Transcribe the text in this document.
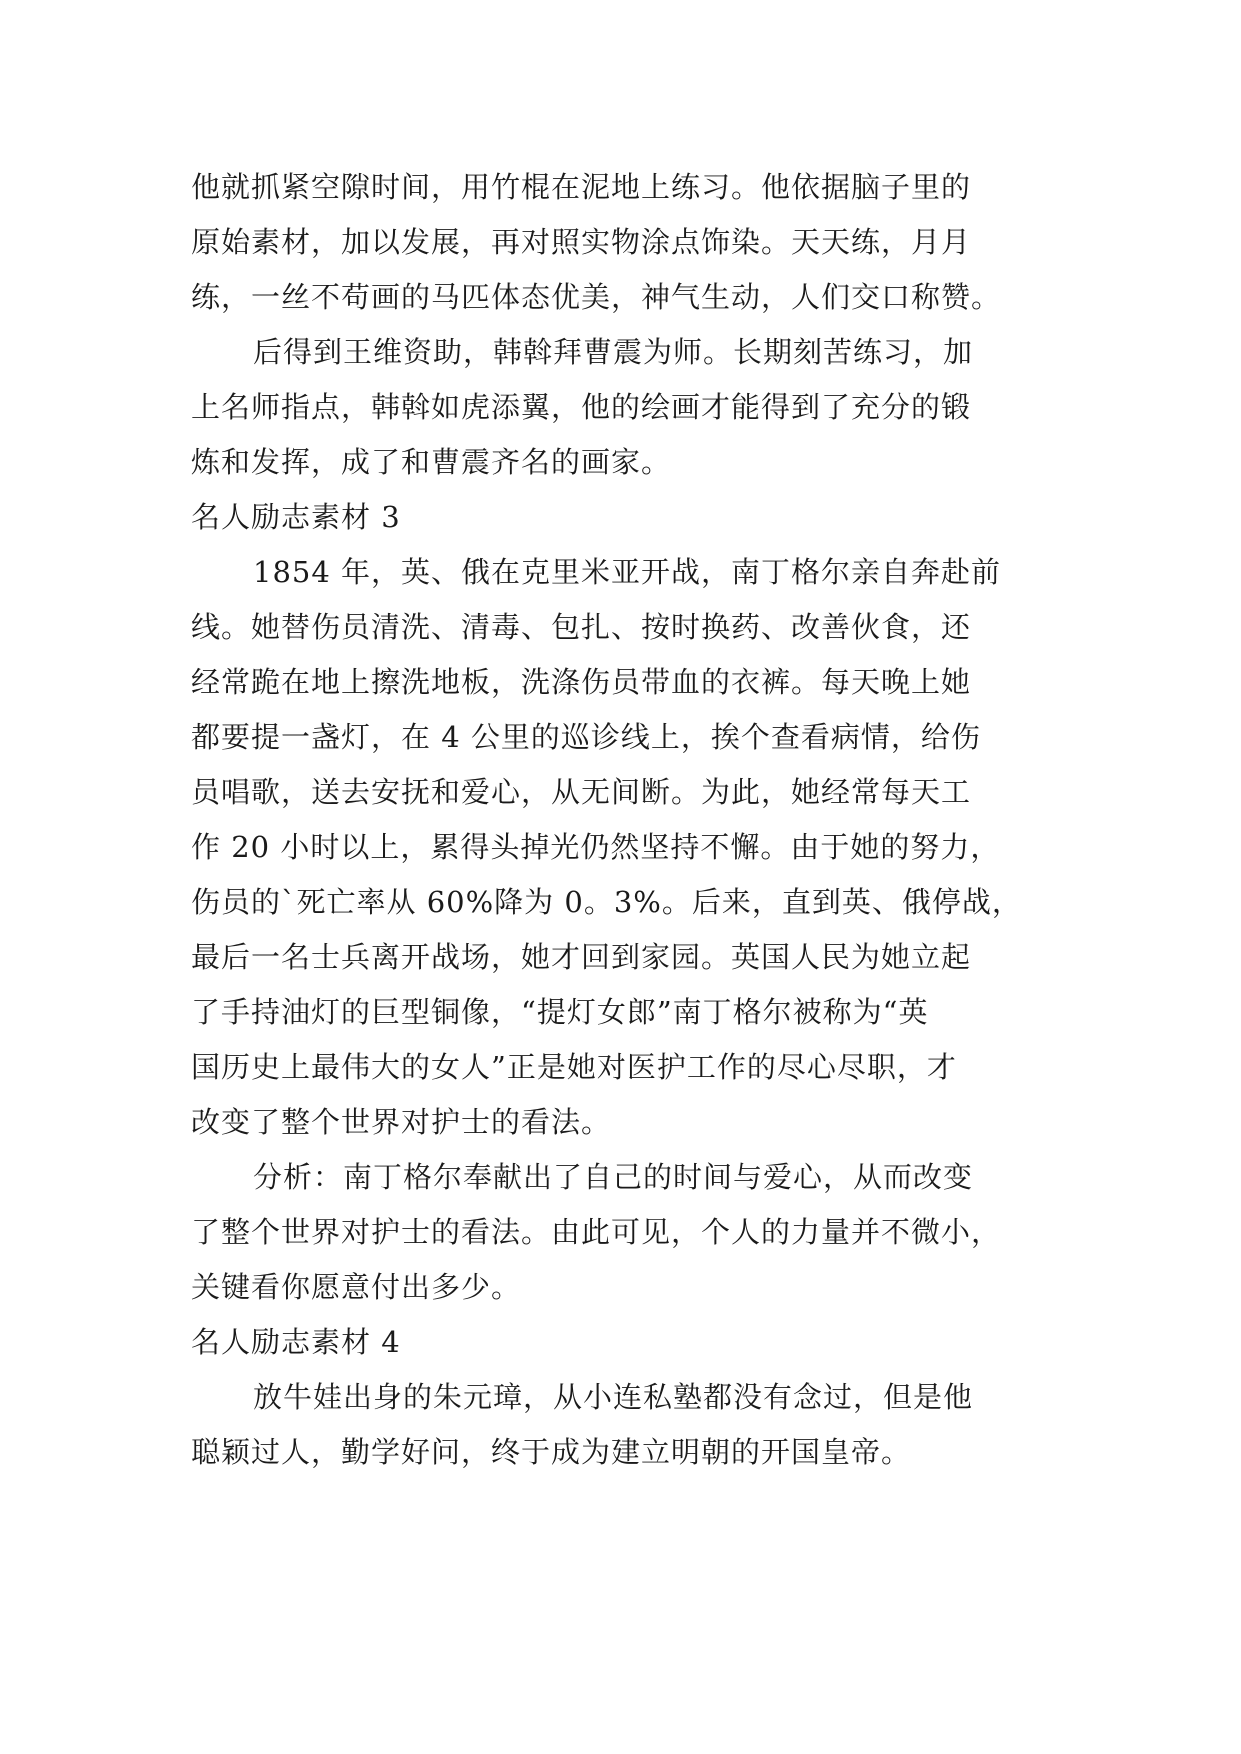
他就抓紧空隙时间，用竹棍在泥地上练习。他依据脑子里的
原始素材，加以发展，再对照实物涂点饰染。天天练，月月
练，一丝不苟画的马匹体态优美，神气生动，人们交口称赞。
后得到王维资助，韩斡拜曹震为师。长期刻苦练习，加
上名师指点，韩斡如虎添翼，他的绘画才能得到了充分的锻
炼和发挥，成了和曹震齐名的画家。
名人励志素材 3
1854 年，英、俄在克里米亚开战，南丁格尔亲自奔赴前
线。她替伤员清洗、清毒、包扎、按时换药、改善伙食，还
经常跪在地上擦洗地板，洗涤伤员带血的衣裤。每天晚上她
都要提一盏灯，在 4 公里的巡诊线上，挨个查看病情，给伤
员唱歌，送去安抚和爱心，从无间断。为此，她经常每天工
作 20 小时以上，累得头掉光仍然坚持不懈。由于她的努力，
伤员的`死亡率从 60%降为 0。3%。后来，直到英、俄停战，
最后一名士兵离开战场，她才回到家园。英国人民为她立起
了手持油灯的巨型铜像，“提灯女郎”南丁格尔被称为“英
国历史上最伟大的女人”正是她对医护工作的尽心尽职，才
改变了整个世界对护士的看法。
分析：南丁格尔奉献出了自己的时间与爱心，从而改变
了整个世界对护士的看法。由此可见，个人的力量并不微小，
关键看你愿意付出多少。
名人励志素材 4
放牛娃出身的朱元璋，从小连私塾都没有念过，但是他
聪颖过人，勤学好问，终于成为建立明朝的开国皇帝。
